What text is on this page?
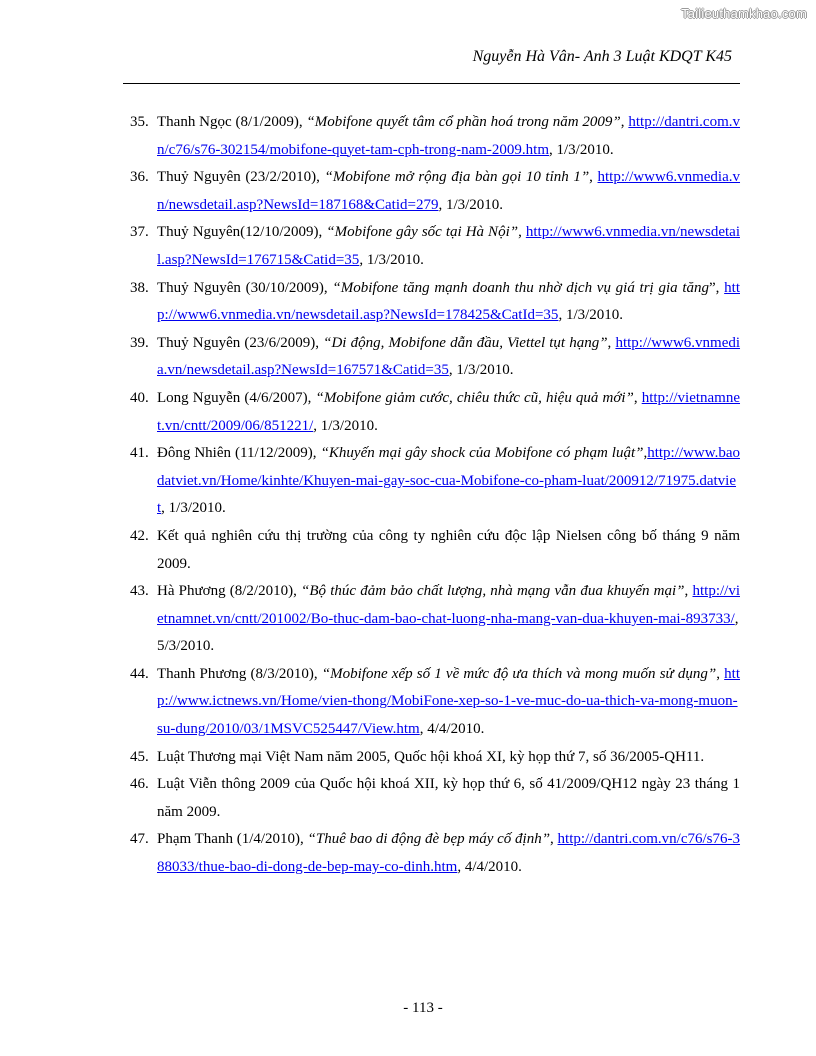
Tailieuthamkhao.com
Nguyễn Hà Vân- Anh 3 Luật KDQT K45
35. Thanh Ngọc (8/1/2009), “Mobifone quyết tâm cổ phần hoá trong năm 2009”, http://dantri.com.vn/c76/s76-302154/mobifone-quyet-tam-cph-trong-nam-2009.htm, 1/3/2010.
36. Thuỷ Nguyên (23/2/2010), “Mobifone mở rộng địa bàn gọi 10 tỉnh 1”, http://www6.vnmedia.vn/newsdetail.asp?NewsId=187168&Catid=279, 1/3/2010.
37. Thuỷ Nguyên(12/10/2009), “Mobifone gây sốc tại Hà Nội”, http://www6.vnmedia.vn/newsdetail.asp?NewsId=176715&Catid=35, 1/3/2010.
38. Thuỷ Nguyên (30/10/2009), “Mobifone tăng mạnh doanh thu nhờ dịch vụ giá trị gia tăng”, http://www6.vnmedia.vn/newsdetail.asp?NewsId=178425&CatId=35, 1/3/2010.
39. Thuỷ Nguyên (23/6/2009), “Di động, Mobifone dẫn đầu, Viettel tụt hạng”, http://www6.vnmedia.vn/newsdetail.asp?NewsId=167571&Catid=35, 1/3/2010.
40. Long Nguyễn (4/6/2007), “Mobifone giảm cước, chiêu thức cũ, hiệu quả mới”, http://vietnamnet.vn/cntt/2009/06/851221/, 1/3/2010.
41. Đông Nhiên (11/12/2009), “Khuyến mại gây shock của Mobifone có phạm luật”,http://www.baodatviet.vn/Home/kinhte/Khuyen-mai-gay-soc-cua-Mobifone-co-pham-luat/200912/71975.datviet, 1/3/2010.
42. Kết quả nghiên cứu thị trường của công ty nghiên cứu độc lập Nielsen công bố tháng 9 năm 2009.
43. Hà Phương (8/2/2010), “Bộ thúc đảm bảo chất lượng, nhà mạng vẫn đua khuyến mại”, http://vietnamnet.vn/cntt/201002/Bo-thuc-dam-bao-chat-luong-nha-mang-van-dua-khuyen-mai-893733/, 5/3/2010.
44. Thanh Phương (8/3/2010), “Mobifone xếp số 1 về mức độ ưa thích và mong muốn sử dụng”, http://www.ictnews.vn/Home/vien-thong/MobiFone-xep-so-1-ve-muc-do-ua-thich-va-mong-muon-su-dung/2010/03/1MSVC525447/View.htm, 4/4/2010.
45. Luật Thương mại Việt Nam năm 2005, Quốc hội khoá XI, kỳ họp thứ 7, số 36/2005-QH11.
46. Luật Viễn thông 2009 của Quốc hội khoá XII, kỳ họp thứ 6, số 41/2009/QH12 ngày 23 tháng 1 năm 2009.
47. Phạm Thanh (1/4/2010), “Thuê bao di động đè bẹp máy cố định”, http://dantri.com.vn/c76/s76-388033/thue-bao-di-dong-de-bep-may-co-dinh.htm, 4/4/2010.
- 113 -
